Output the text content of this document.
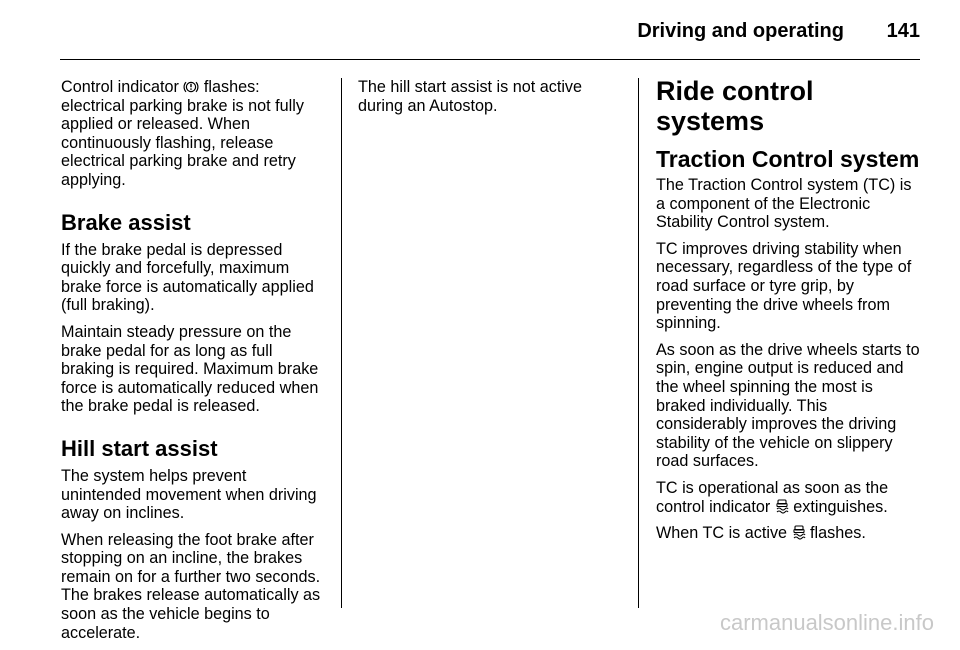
Driving and operating 141

Control indicator flashes: electrical parking brake is not fully applied or released. When continuously flashing, release electrical parking brake and retry applying.

Brake assist

If the brake pedal is depressed quickly and forcefully, maximum brake force is automatically applied (full braking).

Maintain steady pressure on the brake pedal for as long as full braking is required. Maximum brake force is automatically reduced when the brake pedal is released.

Hill start assist

The system helps prevent unintended movement when driving away on inclines.

When releasing the foot brake after stopping on an incline, the brakes remain on for a further two seconds. The brakes release automatically as soon as the vehicle begins to accelerate.

The hill start assist is not active during an Autostop.	Ride control systems
Traction Control system

The Traction Control system (TC) is a component of the Electronic Stability Control system.

TC improves driving stability when necessary, regardless of the type of road surface or tyre grip, by preventing the drive wheels from spinning.

As soon as the drive wheels starts to spin, engine output is reduced and the wheel spinning the most is braked individually. This considerably improves the driving stability of the vehicle on slippery road surfaces.

TC is operational as soon as the control indicator extinguishes.

When TC is active flashes.

carmanualsonline.info
